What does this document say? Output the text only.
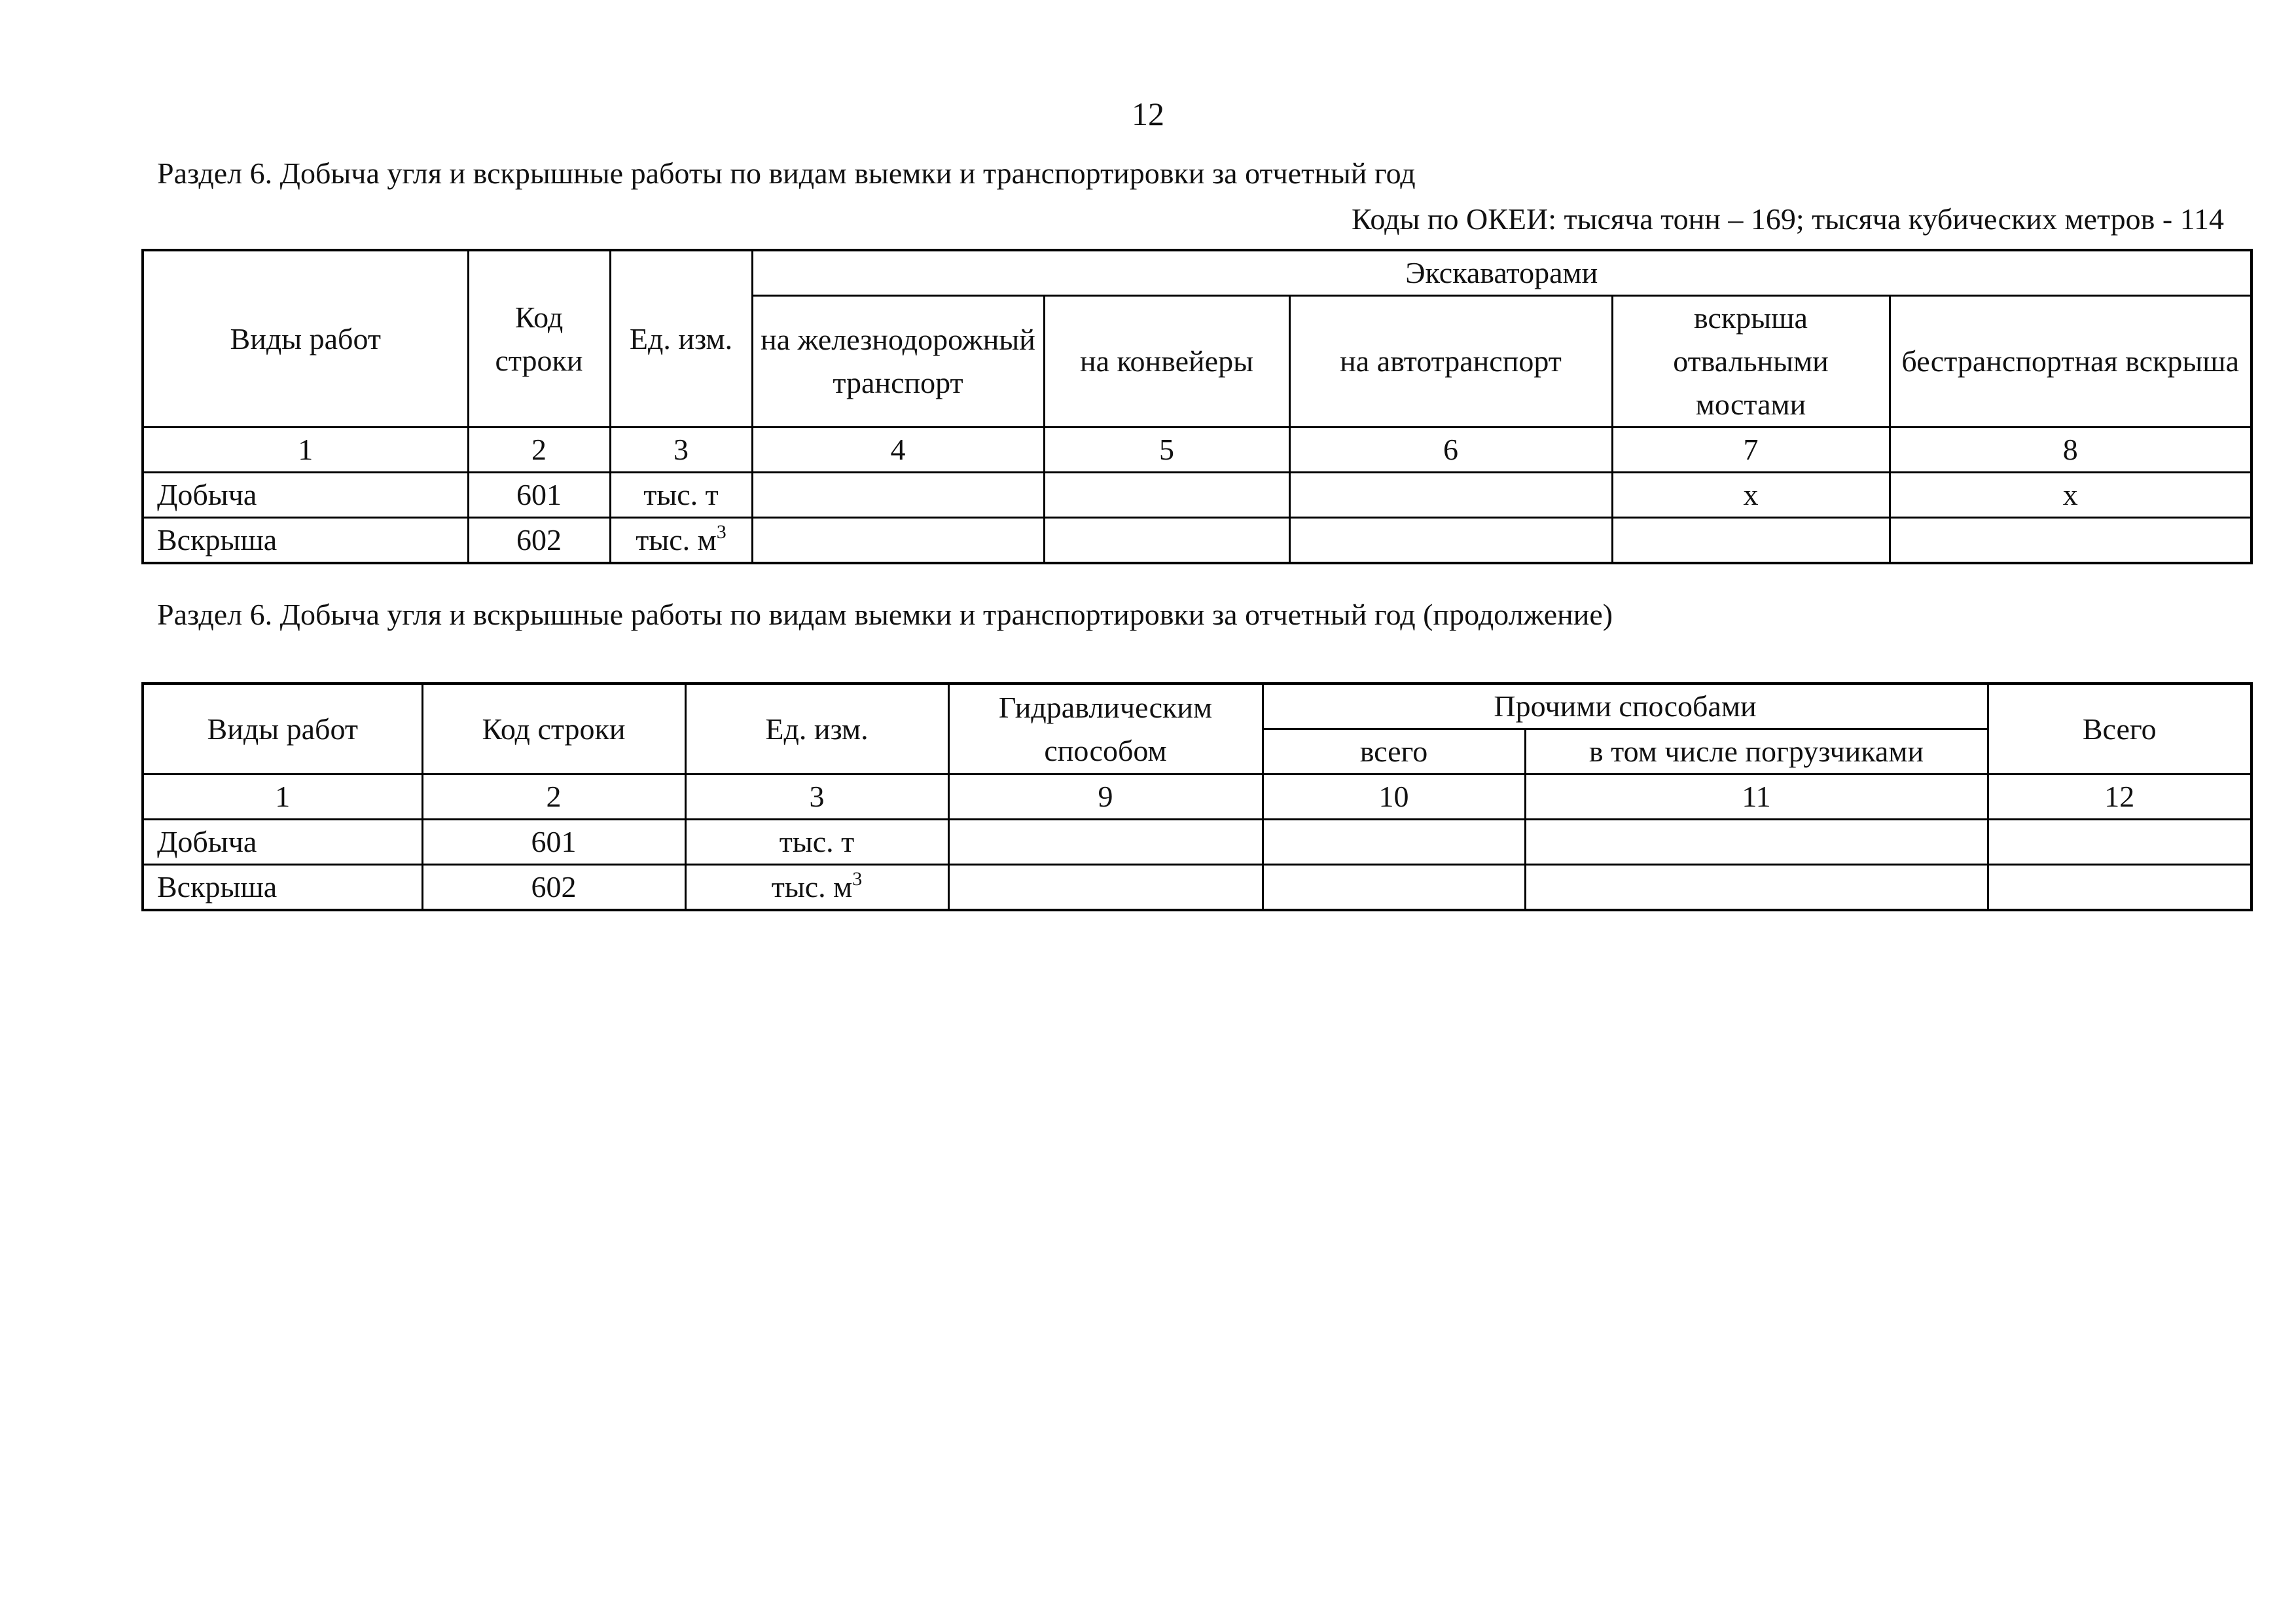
12
Раздел 6. Добыча угля и вскрышные работы по видам выемки и транспортировки за отчетный год
Коды по ОКЕИ: тысяча тонн – 169; тысяча кубических метров - 114
Виды работ	Код строки	Ед. изм.	Экскаваторами				
			на железнодорожный транспорт	на конвейеры	на автотранспорт	вскрыша отвальными мостами	бестранспортная вскрыша
1	2	3	4	5	6	7	8
Добыча	601	тыс. т				x	x
Вскрыша	602	тыс. $м^3$					
Раздел 6. Добыча угля и вскрышные работы по видам выемки и транспортировки за отчетный год (продолжение)
Виды работ	Код строки	Ед. изм.	Гидравлическим способом	Прочими способами		Всего
				всего	в том числе погрузчиками	
1	2	3	9	10	11	12
Добыча	601	тыс. т				
Вскрыша	602	тыс. $м^3$				
